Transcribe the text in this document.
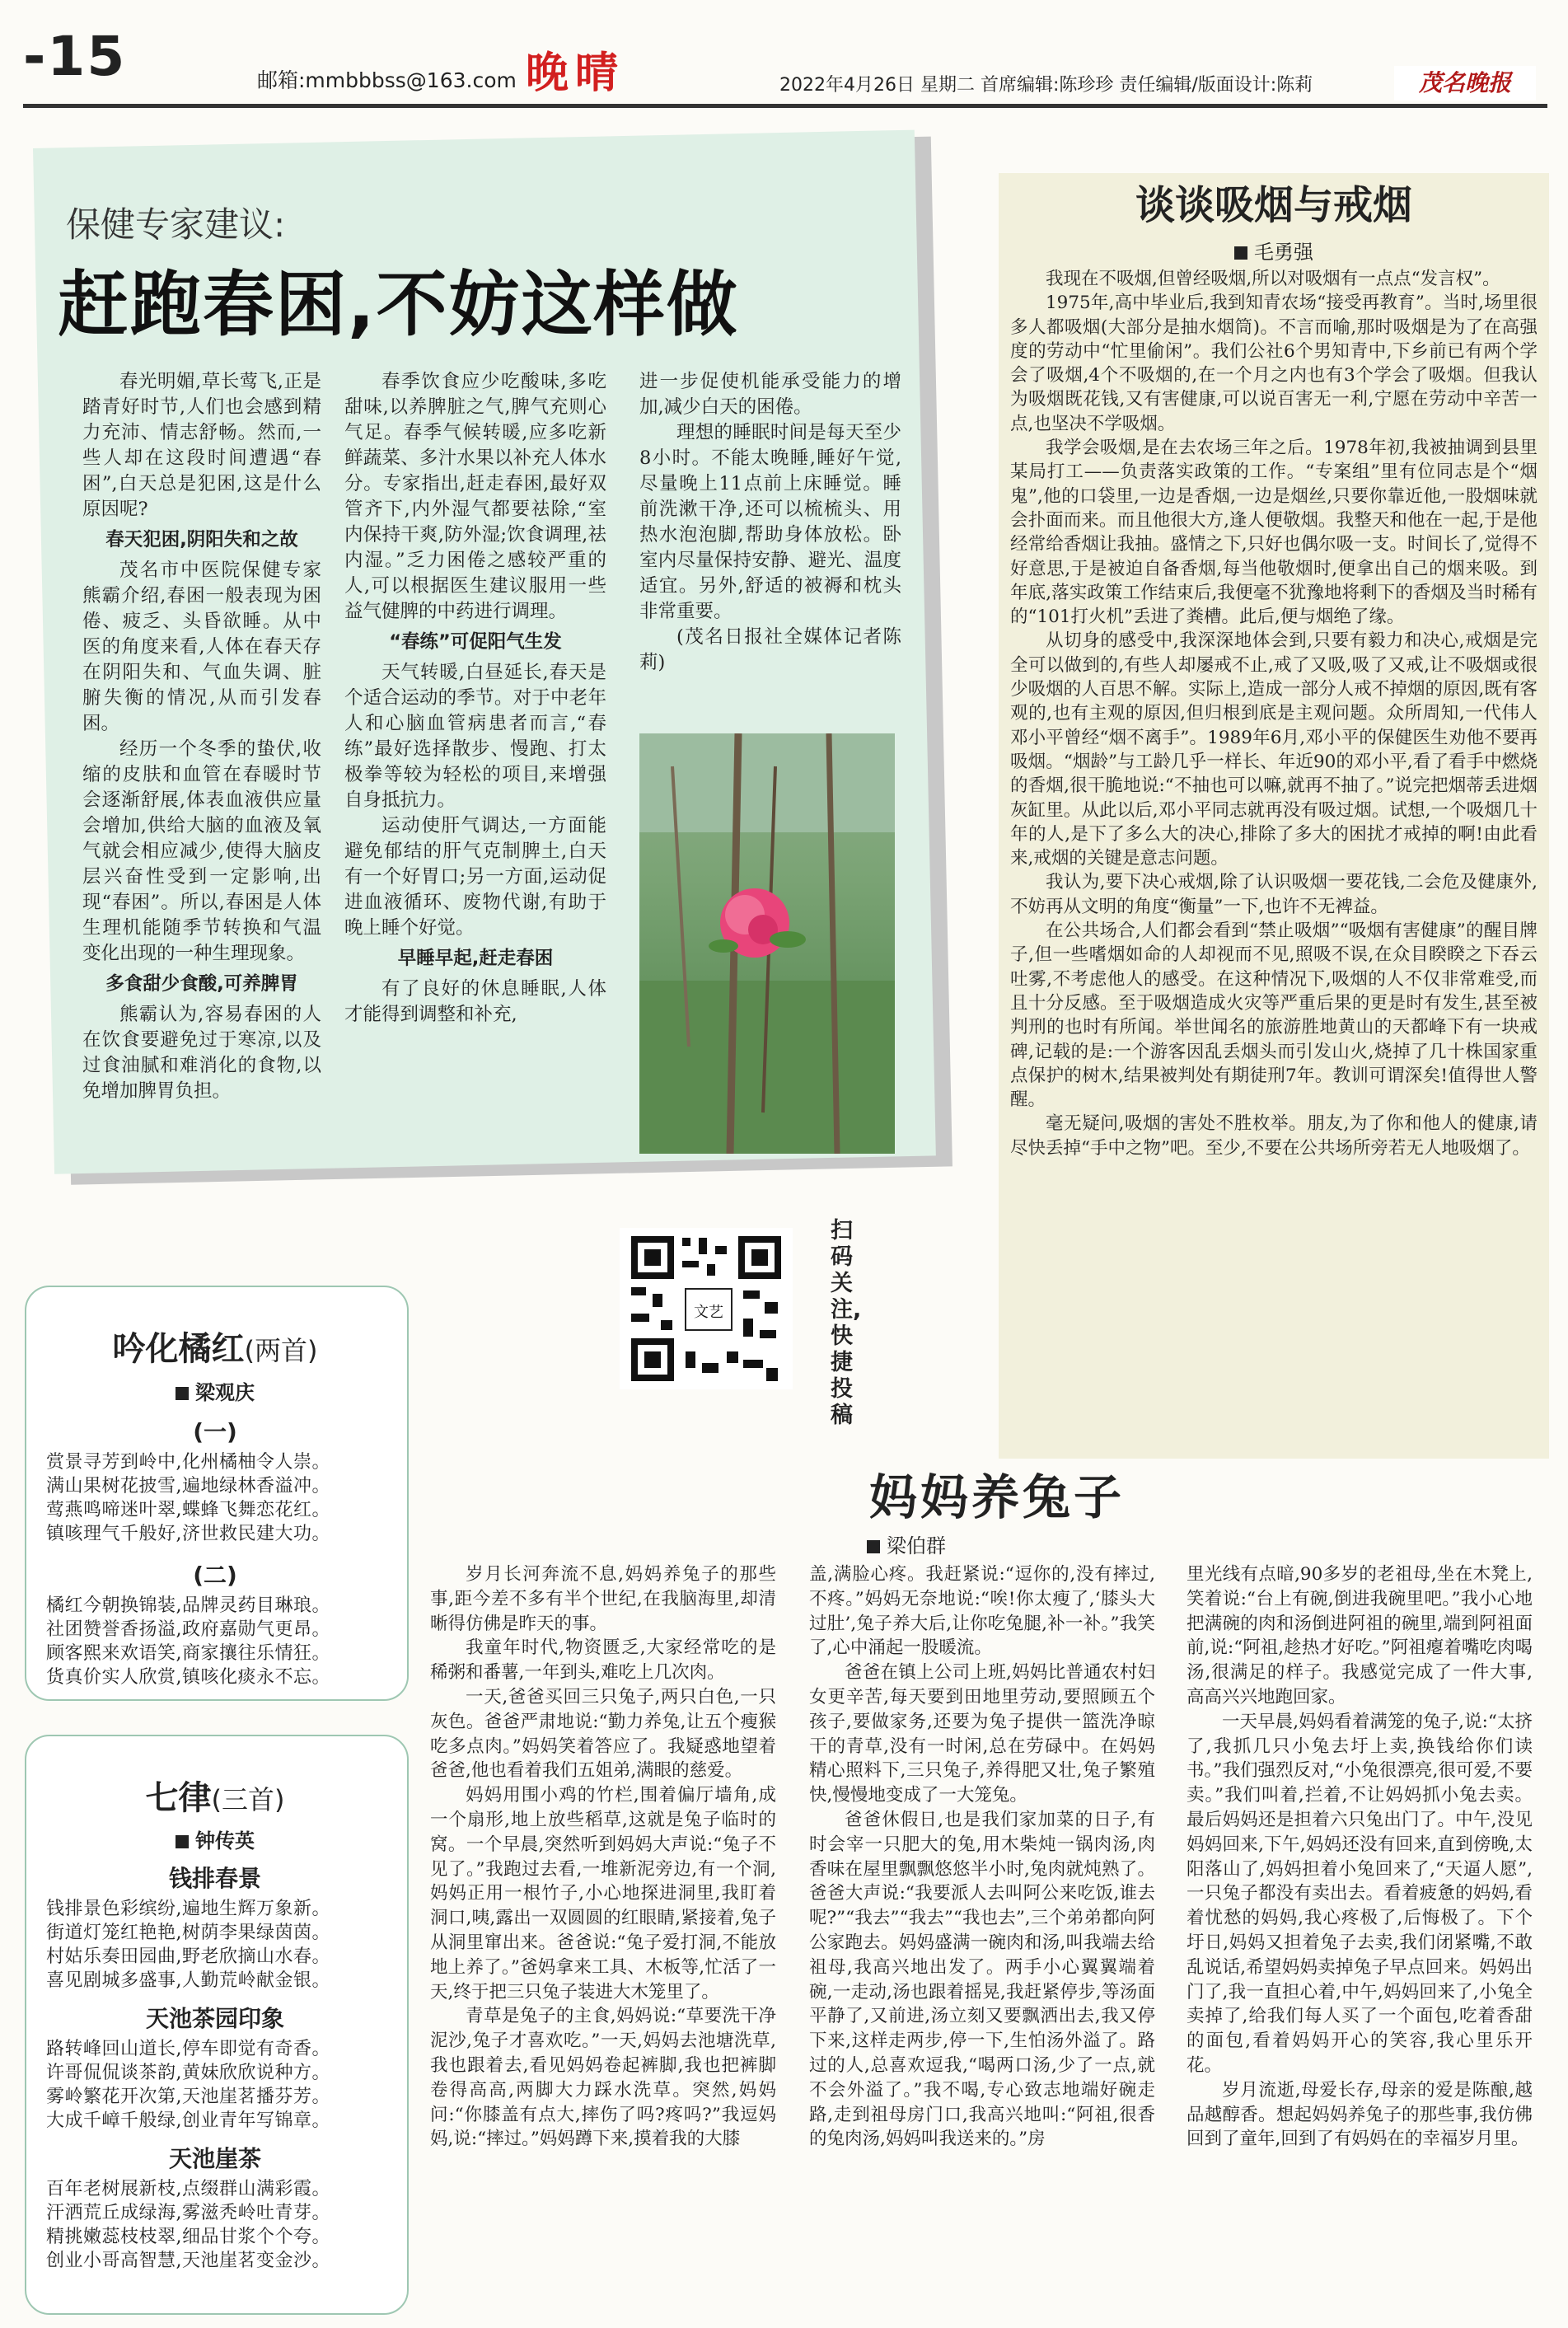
-15	邮箱:mmbbbss@163.com 晚晴	2022年4月26日 星期二 首席编辑:陈珍珍 责任编辑/版面设计:陈莉	茂名晚报
保健专家建议:
赶跑春困,不妨这样做

春光明媚,草长莺飞,正是踏青好时节,人们也会感到精力充沛、情志舒畅。然而,一些人却在这段时间遭遇“春困”,白天总是犯困,这是什么原因呢?

春天犯困,阴阳失和之故

茂名市中医院保健专家熊霸介绍,春困一般表现为困倦、疲乏、头昏欲睡。从中医的角度来看,人体在春天存在阴阳失和、气血失调、脏腑失衡的情况,从而引发春困。

经历一个冬季的蛰伏,收缩的皮肤和血管在春暖时节会逐渐舒展,体表血液供应量会增加,供给大脑的血液及氧气就会相应减少,使得大脑皮层兴奋性受到一定影响,出现“春困”。所以,春困是人体生理机能随季节转换和气温变化出现的一种生理现象。

多食甜少食酸,可养脾胃

熊霸认为,容易春困的人在饮食要避免过于寒凉,以及过食油腻和难消化的食物,以免增加脾胃负担。

春季饮食应少吃酸味,多吃甜味,以养脾脏之气,脾气充则心气足。春季气候转暖,应多吃新鲜蔬菜、多汁水果以补充人体水分。专家指出,赶走春困,最好双管齐下,内外湿气都要祛除,“室内保持干爽,防外湿;饮食调理,祛内湿。”乏力困倦之感较严重的人,可以根据医生建议服用一些益气健脾的中药进行调理。

“春练”可促阳气生发

天气转暖,白昼延长,春天是个适合运动的季节。对于中老年人和心脑血管病患者而言,“春练”最好选择散步、慢跑、打太极拳等较为轻松的项目,来增强自身抵抗力。

运动使肝气调达,一方面能避免郁结的肝气克制脾土,白天有一个好胃口;另一方面,运动促进血液循环、废物代谢,有助于晚上睡个好觉。

早睡早起,赶走春困

有了良好的休息睡眠,人体才能得到调整和补充,

进一步促使机能承受能力的增加,减少白天的困倦。

理想的睡眠时间是每天至少8小时。不能太晚睡,睡好午觉,尽量晚上11点前上床睡觉。睡前洗漱干净,还可以梳梳头、用热水泡泡脚,帮助身体放松。卧室内尽量保持安静、避光、温度适宜。另外,舒适的被褥和枕头非常重要。

(茂名日报社全媒体记者陈莉)

文艺
扫码关注,快捷投稿
谈谈吸烟与戒烟
毛勇强

我现在不吸烟,但曾经吸烟,所以对吸烟有一点点“发言权”。

1975年,高中毕业后,我到知青农场“接受再教育”。当时,场里很多人都吸烟(大部分是抽水烟筒)。不言而喻,那时吸烟是为了在高强度的劳动中“忙里偷闲”。我们公社6个男知青中,下乡前已有两个学会了吸烟,4个不吸烟的,在一个月之内也有3个学会了吸烟。但我认为吸烟既花钱,又有害健康,可以说百害无一利,宁愿在劳动中辛苦一点,也坚决不学吸烟。

我学会吸烟,是在去农场三年之后。1978年初,我被抽调到县里某局打工——负责落实政策的工作。“专案组”里有位同志是个“烟鬼”,他的口袋里,一边是香烟,一边是烟丝,只要你靠近他,一股烟味就会扑面而来。而且他很大方,逢人便敬烟。我整天和他在一起,于是他经常给香烟让我抽。盛情之下,只好也偶尔吸一支。时间长了,觉得不好意思,于是被迫自备香烟,每当他敬烟时,便拿出自己的烟来吸。到年底,落实政策工作结束后,我便毫不犹豫地将剩下的香烟及当时稀有的“101打火机”丢进了粪槽。此后,便与烟绝了缘。

从切身的感受中,我深深地体会到,只要有毅力和决心,戒烟是完全可以做到的,有些人却屡戒不止,戒了又吸,吸了又戒,让不吸烟或很少吸烟的人百思不解。实际上,造成一部分人戒不掉烟的原因,既有客观的,也有主观的原因,但归根到底是主观问题。众所周知,一代伟人邓小平曾经“烟不离手”。1989年6月,邓小平的保健医生劝他不要再吸烟。“烟龄”与工龄几乎一样长、年近90的邓小平,看了看手中燃烧的香烟,很干脆地说:“不抽也可以嘛,就再不抽了。”说完把烟蒂丢进烟灰缸里。从此以后,邓小平同志就再没有吸过烟。试想,一个吸烟几十年的人,是下了多么大的决心,排除了多大的困扰才戒掉的啊!由此看来,戒烟的关键是意志问题。

我认为,要下决心戒烟,除了认识吸烟一要花钱,二会危及健康外,不妨再从文明的角度“衡量”一下,也许不无裨益。

在公共场合,人们都会看到“禁止吸烟”“吸烟有害健康”的醒目牌子,但一些嗜烟如命的人却视而不见,照吸不误,在众目睽睽之下吞云吐雾,不考虑他人的感受。在这种情况下,吸烟的人不仅非常难受,而且十分反感。至于吸烟造成火灾等严重后果的更是时有发生,甚至被判刑的也时有所闻。举世闻名的旅游胜地黄山的天都峰下有一块戒碑,记载的是:一个游客因乱丢烟头而引发山火,烧掉了几十株国家重点保护的树木,结果被判处有期徒刑7年。教训可谓深矣!值得世人警醒。

毫无疑问,吸烟的害处不胜枚举。朋友,为了你和他人的健康,请尽快丢掉“手中之物”吧。至少,不要在公共场所旁若无人地吸烟了。

吟化橘红(两首)
梁观庆
(一)
赏景寻芳到岭中,化州橘柚令人崇。
满山果树花披雪,遍地绿林香溢冲。
莺燕鸣啼迷叶翠,蝶蜂飞舞恋花红。
镇咳理气千般好,济世救民建大功。
(二)
橘红今朝换锦装,品牌灵药目琳琅。
社团赞誉香扬溢,政府嘉勋气更昂。
顾客熙来欢语笑,商家攘往乐情狂。
货真价实人欣赏,镇咳化痰永不忘。
七律(三首)
钟传英
钱排春景
钱排景色彩缤纷,遍地生辉万象新。
街道灯笼红艳艳,树荫李果绿茵茵。
村姑乐奏田园曲,野老欣摘山水春。
喜见剧城多盛事,人勤荒岭献金银。
天池茶园印象
路转峰回山道长,停车即觉有奇香。
许哥侃侃谈茶韵,黄妹欣欣说种方。
雾岭繁花开次第,天池崖茗播芬芳。
大成千嶂千般绿,创业青年写锦章。
天池崖茶
百年老树展新枝,点缀群山满彩霞。
汗洒荒丘成绿海,雾滋秃岭吐青芽。
精挑嫩蕊枝枝翠,细品甘浆个个夸。
创业小哥高智慧,天池崖茗变金沙。
妈妈养兔子
梁伯群

岁月长河奔流不息,妈妈养兔子的那些事,距今差不多有半个世纪,在我脑海里,却清晰得仿佛是昨天的事。

我童年时代,物资匮乏,大家经常吃的是稀粥和番薯,一年到头,难吃上几次肉。

一天,爸爸买回三只兔子,两只白色,一只灰色。爸爸严肃地说:“勤力养兔,让五个瘦猴吃多点肉。”妈妈笑着答应了。我疑惑地望着爸爸,他也看着我们五姐弟,满眼的慈爱。

妈妈用围小鸡的竹栏,围着偏厅墙角,成一个扇形,地上放些稻草,这就是兔子临时的窝。一个早晨,突然听到妈妈大声说:“兔子不见了。”我跑过去看,一堆新泥旁边,有一个洞,妈妈正用一根竹子,小心地探进洞里,我盯着洞口,咦,露出一双圆圆的红眼睛,紧接着,兔子从洞里窜出来。爸爸说:“兔子爱打洞,不能放地上养了。”爸妈拿来工具、木板等,忙活了一天,终于把三只兔子装进大木笼里了。

青草是兔子的主食,妈妈说:“草要洗干净泥沙,兔子才喜欢吃。”一天,妈妈去池塘洗草,我也跟着去,看见妈妈卷起裤脚,我也把裤脚卷得高高,两脚大力踩水洗草。突然,妈妈问:“你膝盖有点大,摔伤了吗?疼吗?”我逗妈妈,说:“摔过。”妈妈蹲下来,摸着我的大膝

盖,满脸心疼。我赶紧说:“逗你的,没有摔过,不疼。”妈妈无奈地说:“唉!你太瘦了,‘膝头大过肚’,兔子养大后,让你吃兔腿,补一补。”我笑了,心中涌起一股暖流。

爸爸在镇上公司上班,妈妈比普通农村妇女更辛苦,每天要到田地里劳动,要照顾五个孩子,要做家务,还要为兔子提供一篮洗净晾干的青草,没有一时闲,总在劳碌中。在妈妈精心照料下,三只兔子,养得肥又壮,兔子繁殖快,慢慢地变成了一大笼兔。

爸爸休假日,也是我们家加菜的日子,有时会宰一只肥大的兔,用木柴炖一锅肉汤,肉香味在屋里飘飘悠悠半小时,兔肉就炖熟了。爸爸大声说:“我要派人去叫阿公来吃饭,谁去呢?”“我去”“我去”“我也去”,三个弟弟都向阿公家跑去。妈妈盛满一碗肉和汤,叫我端去给祖母,我高兴地出发了。两手小心翼翼端着碗,一走动,汤也跟着摇晃,我赶紧停步,等汤面平静了,又前进,汤立刻又要飘洒出去,我又停下来,这样走两步,停一下,生怕汤外溢了。路过的人,总喜欢逗我,“喝两口汤,少了一点,就不会外溢了。”我不喝,专心致志地端好碗走路,走到祖母房门口,我高兴地叫:“阿祖,很香的兔肉汤,妈妈叫我送来的。”房

里光线有点暗,90多岁的老祖母,坐在木凳上,笑着说:“台上有碗,倒进我碗里吧。”我小心地把满碗的肉和汤倒进阿祖的碗里,端到阿祖面前,说:“阿祖,趁热才好吃。”阿祖瘪着嘴吃肉喝汤,很满足的样子。我感觉完成了一件大事,高高兴兴地跑回家。

一天早晨,妈妈看着满笼的兔子,说:“太挤了,我抓几只小兔去圩上卖,换钱给你们读书。”我们强烈反对,“小兔很漂亮,很可爱,不要卖。”我们叫着,拦着,不让妈妈抓小兔去卖。最后妈妈还是担着六只兔出门了。中午,没见妈妈回来,下午,妈妈还没有回来,直到傍晚,太阳落山了,妈妈担着小兔回来了,“天逼人愿”,一只兔子都没有卖出去。看着疲惫的妈妈,看着忧愁的妈妈,我心疼极了,后悔极了。下个圩日,妈妈又担着兔子去卖,我们闭紧嘴,不敢乱说话,希望妈妈卖掉兔子早点回来。妈妈出门了,我一直担心着,中午,妈妈回来了,小兔全卖掉了,给我们每人买了一个面包,吃着香甜的面包,看着妈妈开心的笑容,我心里乐开花。

岁月流逝,母爱长存,母亲的爱是陈酿,越品越醇香。想起妈妈养兔子的那些事,我仿佛回到了童年,回到了有妈妈在的幸福岁月里。
